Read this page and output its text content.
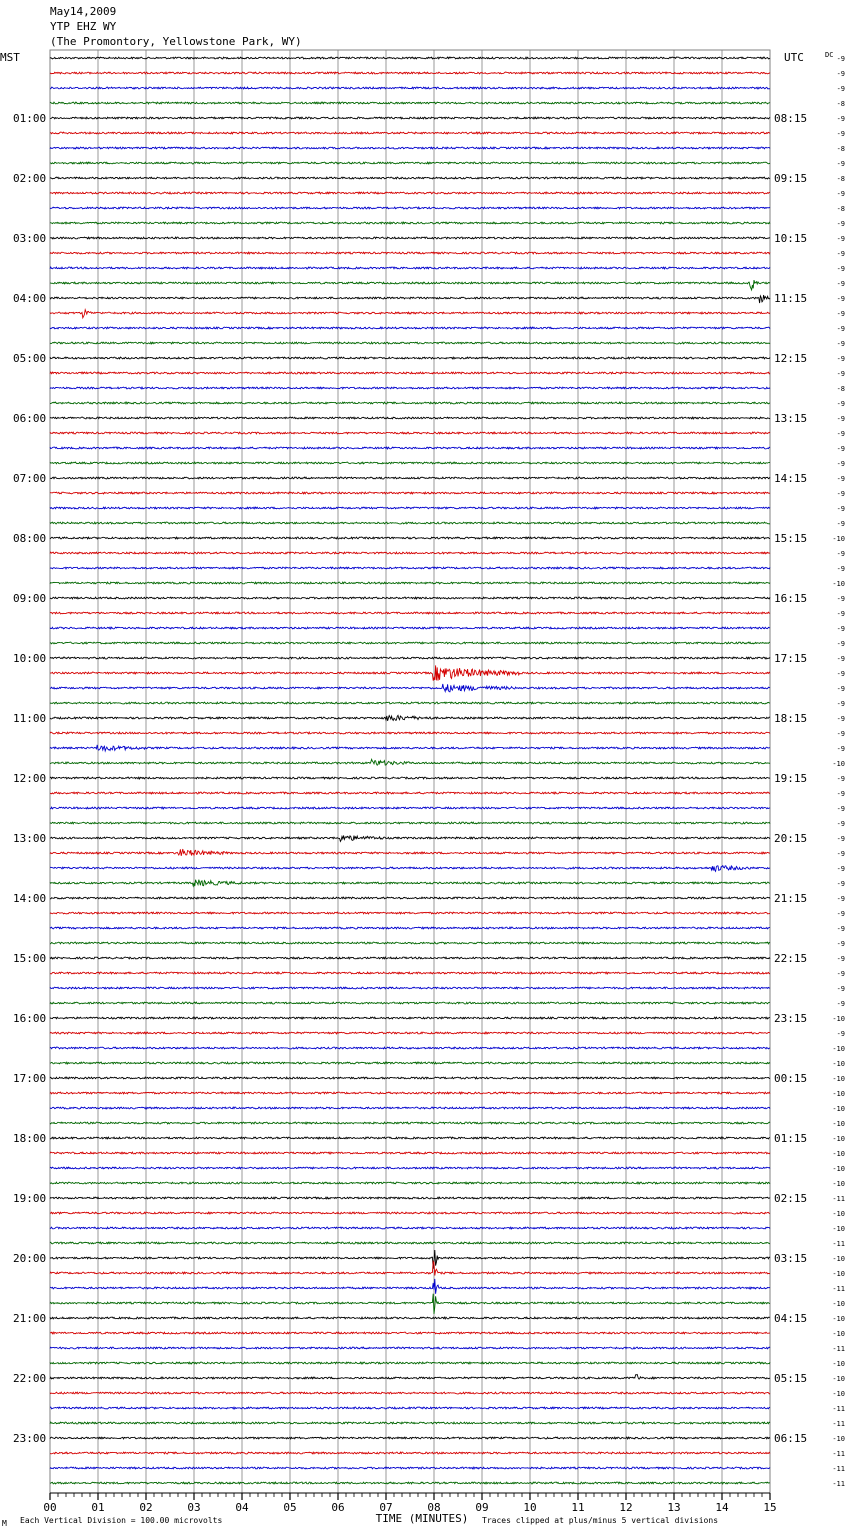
May14,2009
YTP EHZ WY
(The Promontory, Yellowstone Park, WY)
MST	UTC	DC
01:00
02:00
03:00
04:00
05:00
06:00
07:00
08:00
09:00
10:00
11:00
12:00
13:00
14:00
15:00
16:00
17:00
18:00
19:00
20:00
21:00
22:00
23:00
08:15
09:15
10:15
11:15
12:15
13:15
14:15
15:15
16:15
17:15
18:15
19:15
20:15
21:15
22:15
23:15
00:15
01:15
02:15
03:15
04:15
05:15
06:15
-9
-9
-9
-8
-9
-9
-8
-9
-8
-9
-8
-9
-9
-9
-9
-9
-9
-9
-9
-9
-9
-9
-8
-9
-9
-9
-9
-9
-9
-9
-9
-9
-10
-9
-9
-10
-9
-9
-9
-9
-9
-9
-9
-9
-9
-9
-9
-10
-9
-9
-9
-9
-9
-9
-9
-9
-9
-9
-9
-9
-9
-9
-9
-9
-10
-9
-10
-10
-10
-10
-10
-10
-10
-10
-10
-10
-11
-10
-10
-11
-10
-10
-11
-10
-10
-10
-11
-10
-10
-10
-11
-11
-10
-11
-11
-11
00	01	02	03	04	05	06	07	08	09	10	11	12	13	14	15
TIME (MINUTES)
Each Vertical Division = 100.00 microvolts	Traces clipped at plus/minus 5 vertical divisions
M
